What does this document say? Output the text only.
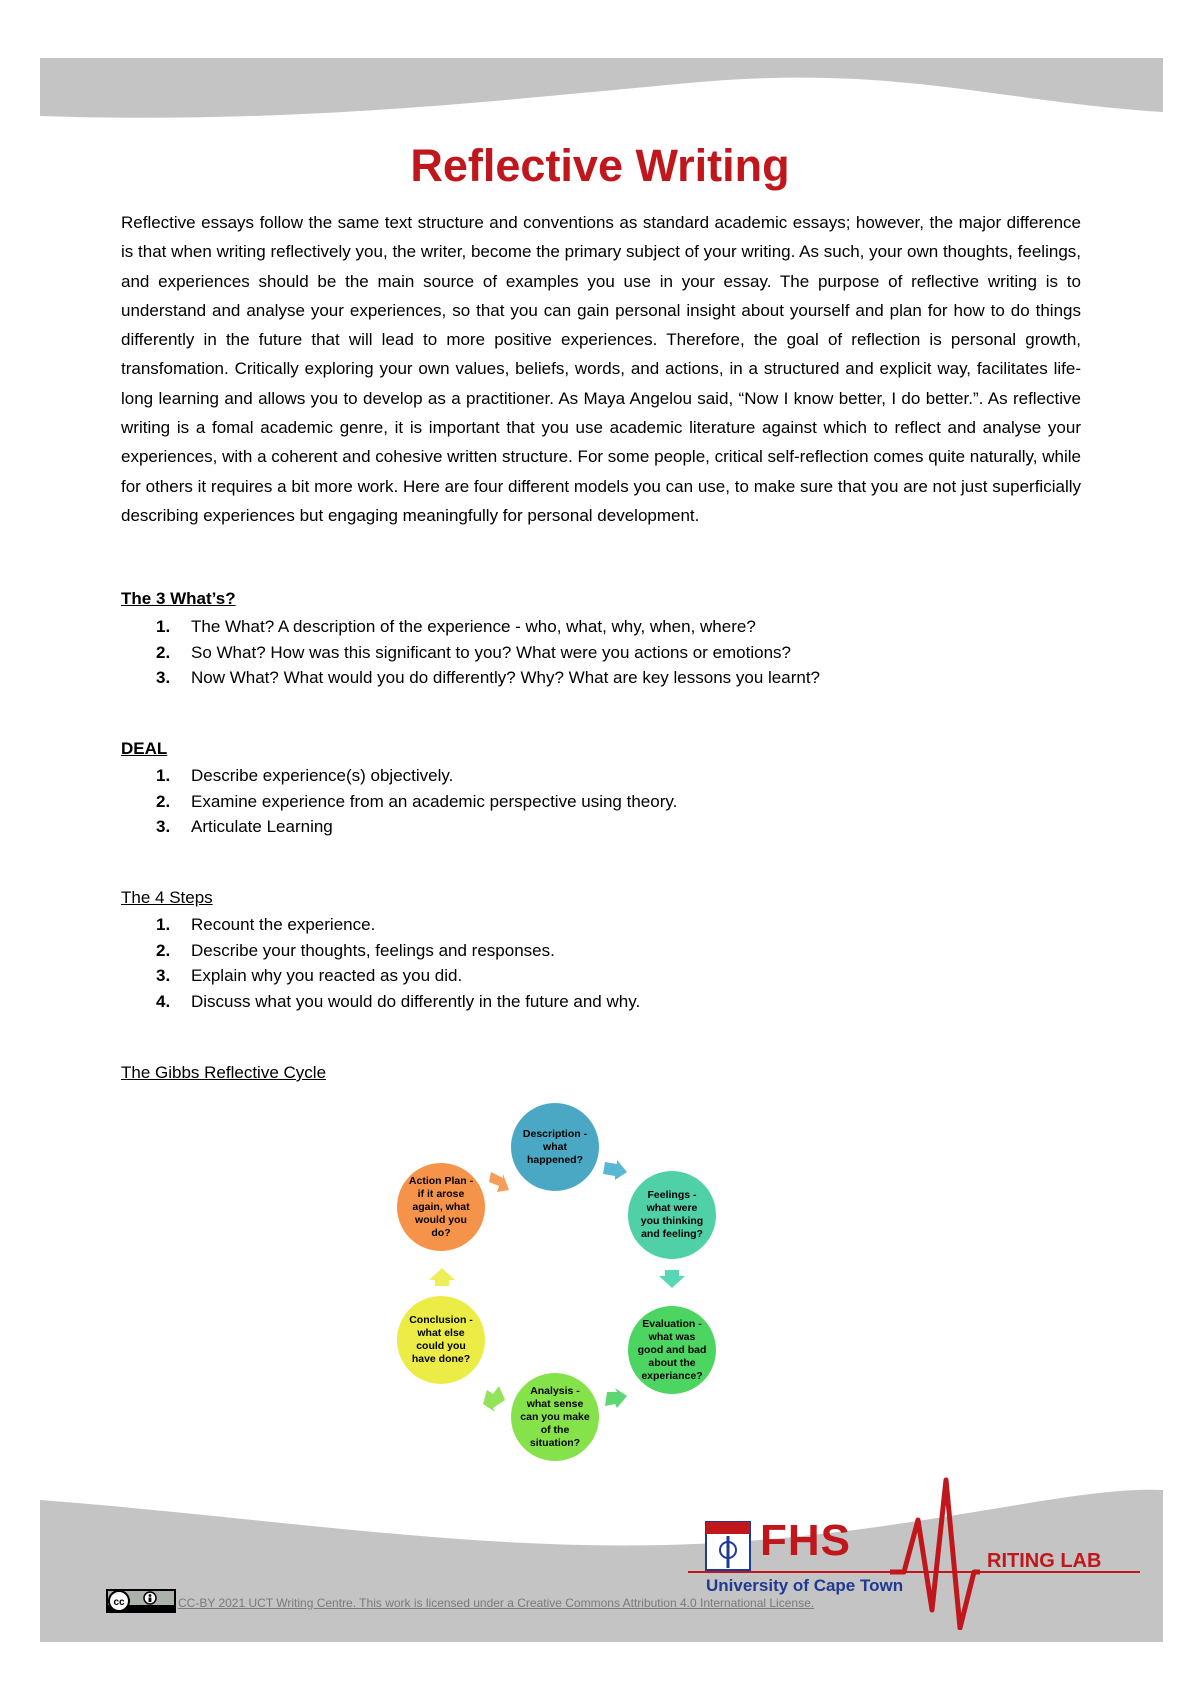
Reflective Writing

Reflective essays follow the same text structure and conventions as standard academic essays; however, the major difference is that when writing reflectively you, the writer, become the primary subject of your writing. As such, your own thoughts, feelings, and experiences should be the main source of examples you use in your essay. The purpose of reflective writing is to understand and analyse your experiences, so that you can gain personal insight about yourself and plan for how to do things differently in the future that will lead to more positive experiences. Therefore, the goal of reflection is personal growth, transfomation. Critically exploring your own values, beliefs, words, and actions, in a structured and explicit way, facilitates life-long learning and allows you to develop as a practitioner. As Maya Angelou said, “Now I know better, I do better.”. As reflective writing is a fomal academic genre, it is important that you use academic literature against which to reflect and analyse your experiences, with a coherent and cohesive written structure. For some people, critical self-reflection comes quite naturally, while for others it requires a bit more work. Here are four different models you can use, to make sure that you are not just superficially describing experiences but engaging meaningfully for personal development.

The 3 What’s?

1.	The What? A description of the experience - who, what, why, when, where?
2.	So What? How was this significant to you? What were you actions or emotions?
3.	Now What? What would you do differently? Why? What are key lessons you learnt?

DEAL

1.	Describe experience(s) objectively.
2.	Examine experience from an academic perspective using theory.
3.	Articulate Learning

The 4 Steps

1.	Recount the experience.
2.	Describe your thoughts, feelings and responses.
3.	Explain why you reacted as you did.
4.	Discuss what you would do differently in the future and why.

The Gibbs Reflective Cycle

Description - what happened?
Feelings - what were you thinking and feeling?
Evaluation - what was good and bad about the experiance?
Analysis - what sense can you make of the situation?
Conclusion - what else could you have done?
Action Plan - if it arose again, what would you do?
FHS
University of Cape Town
RITING LAB
cc	CC-BY 2021 UCT Writing Centre. This work is licensed under a Creative Commons Attribution 4.0 International License.
